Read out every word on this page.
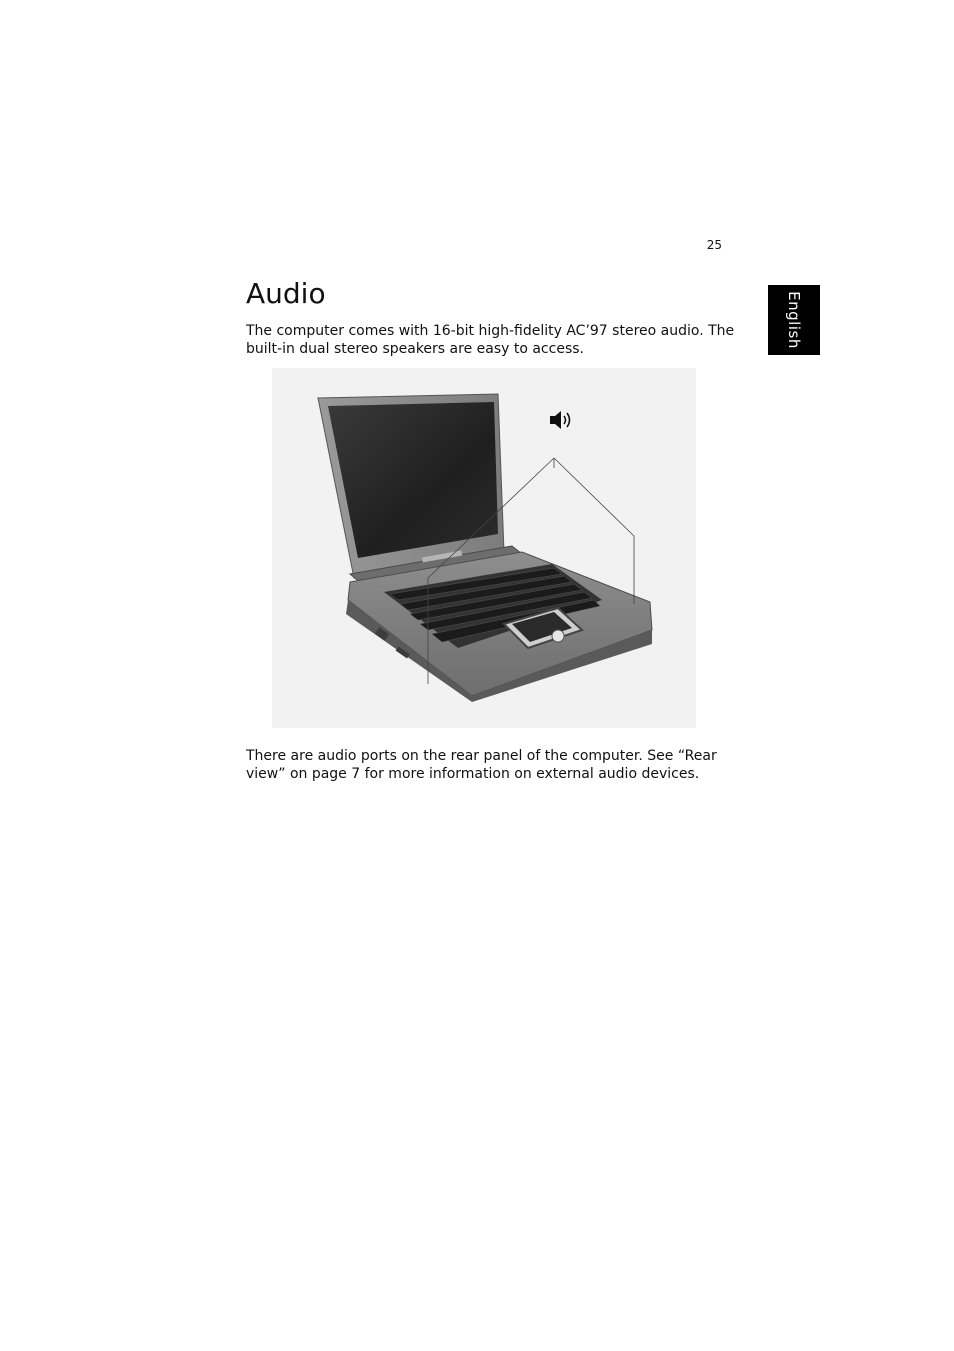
25
English
Audio

The computer comes with 16-bit high-fidelity AC’97 stereo audio. The
built-in dual stereo speakers are easy to access.

There are audio ports on the rear panel of the computer. See “Rear
view” on page 7 for more information on external audio devices.
